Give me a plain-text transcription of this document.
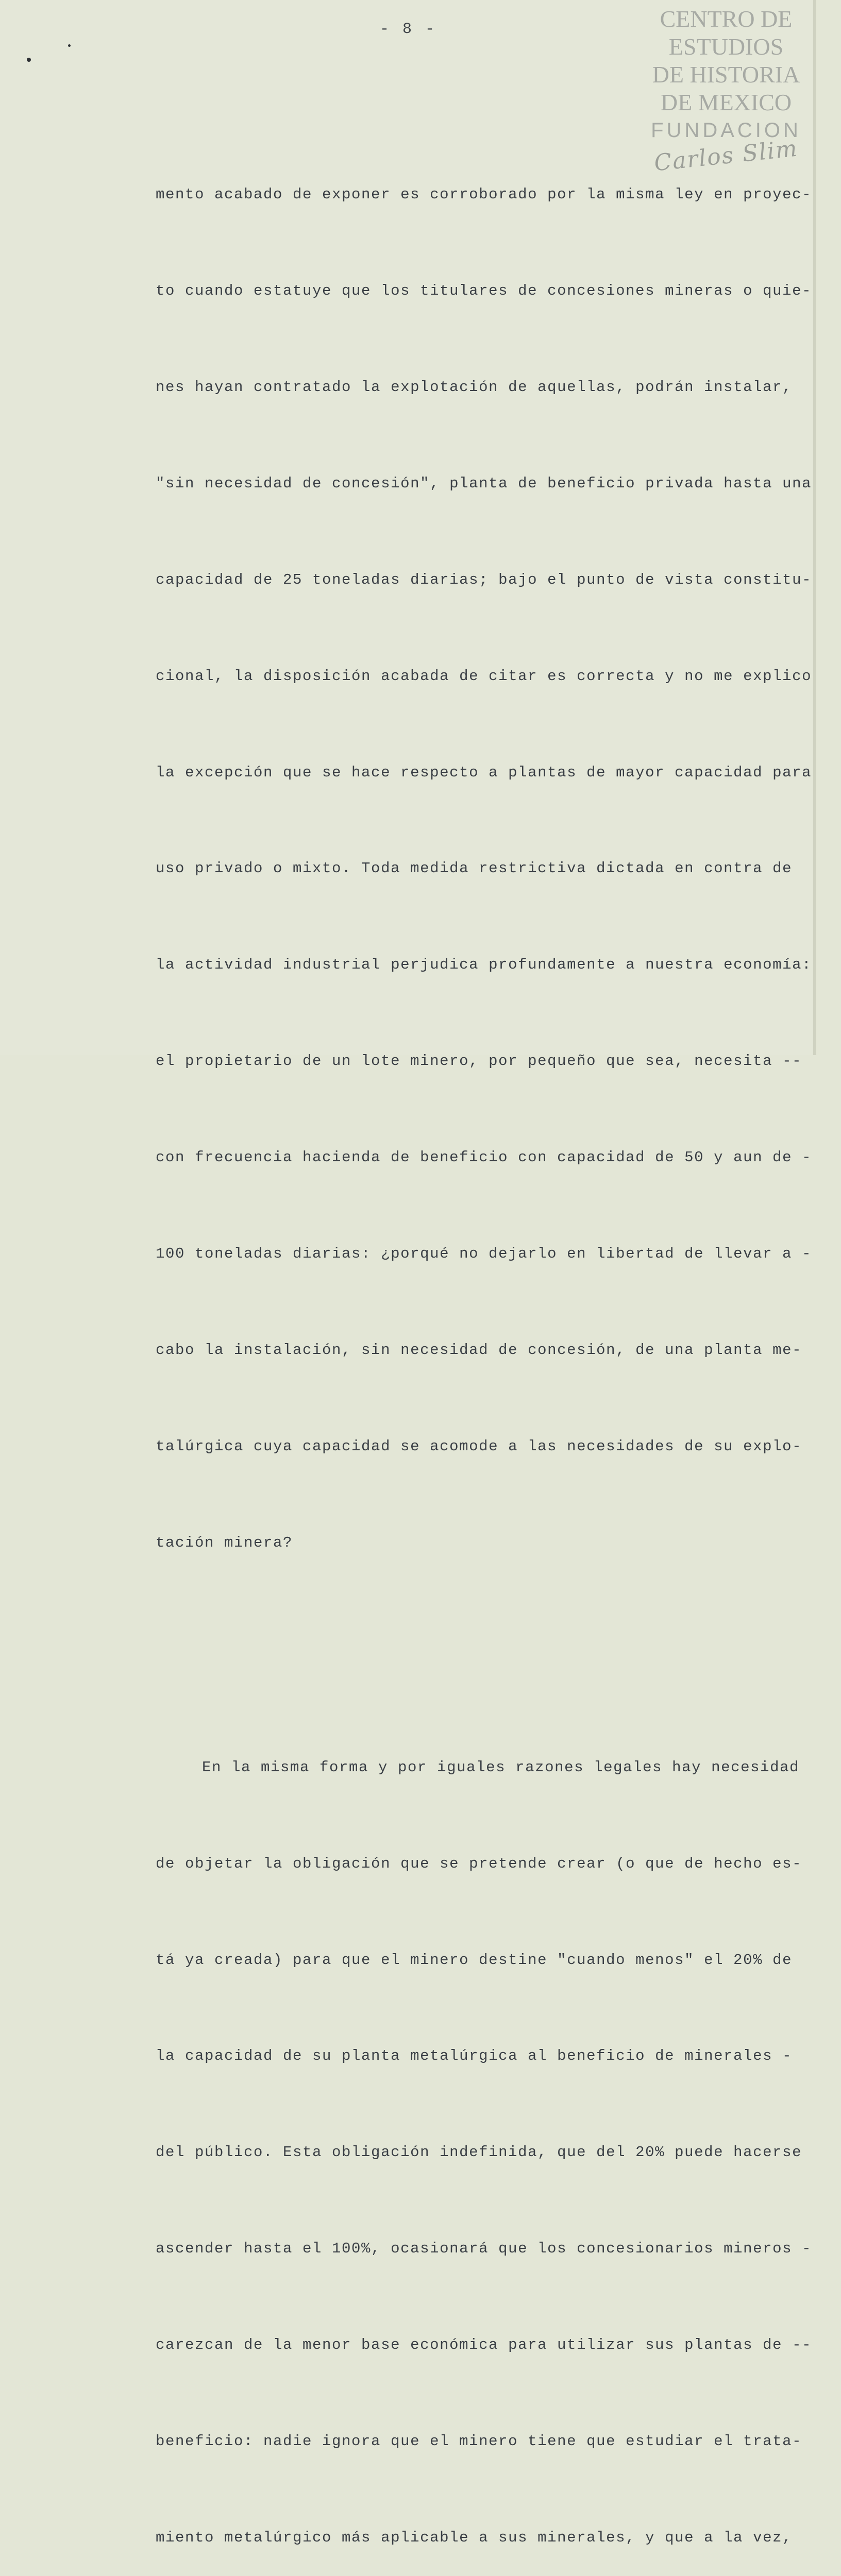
- 8 -	CENTRO DE
ESTUDIOS
DE HISTORIA
DE MEXICO
FUNDACION
Carlos Slim

mento acabado de exponer es corroborado por la misma ley en proyec-

to cuando estatuye que los titulares de concesiones mineras o quie-

nes hayan contratado la explotación de aquellas, podrán instalar,

"sin necesidad de concesión", planta de beneficio privada hasta una

capacidad de 25 toneladas diarias; bajo el punto de vista constitu-

cional, la disposición acabada de citar es correcta y no me explico

la excepción que se hace respecto a plantas de mayor capacidad para

uso privado o mixto. Toda medida restrictiva dictada en contra de

la actividad industrial perjudica profundamente a nuestra economía:

el propietario de un lote minero, por pequeño que sea, necesita --

con frecuencia hacienda de beneficio con capacidad de 50 y aun de -

100 toneladas diarias: ¿porqué no dejarlo en libertad de llevar a -

cabo la instalación, sin necesidad de concesión, de una planta me-

talúrgica cuya capacidad se acomode a las necesidades de su explo-

tación minera?

En la misma forma y por iguales razones legales hay necesidad

de objetar la obligación que se pretende crear (o que de hecho es-

tá ya creada) para que el minero destine "cuando menos" el 20% de

la capacidad de su planta metalúrgica al beneficio de minerales -

del público. Esta obligación indefinida, que del 20% puede hacerse

ascender hasta el 100%, ocasionará que los concesionarios mineros -

carezcan de la menor base económica para utilizar sus plantas de --

beneficio: nadie ignora que el minero tiene que estudiar el trata-

miento metalúrgico más aplicable a sus minerales, y que a la vez,
